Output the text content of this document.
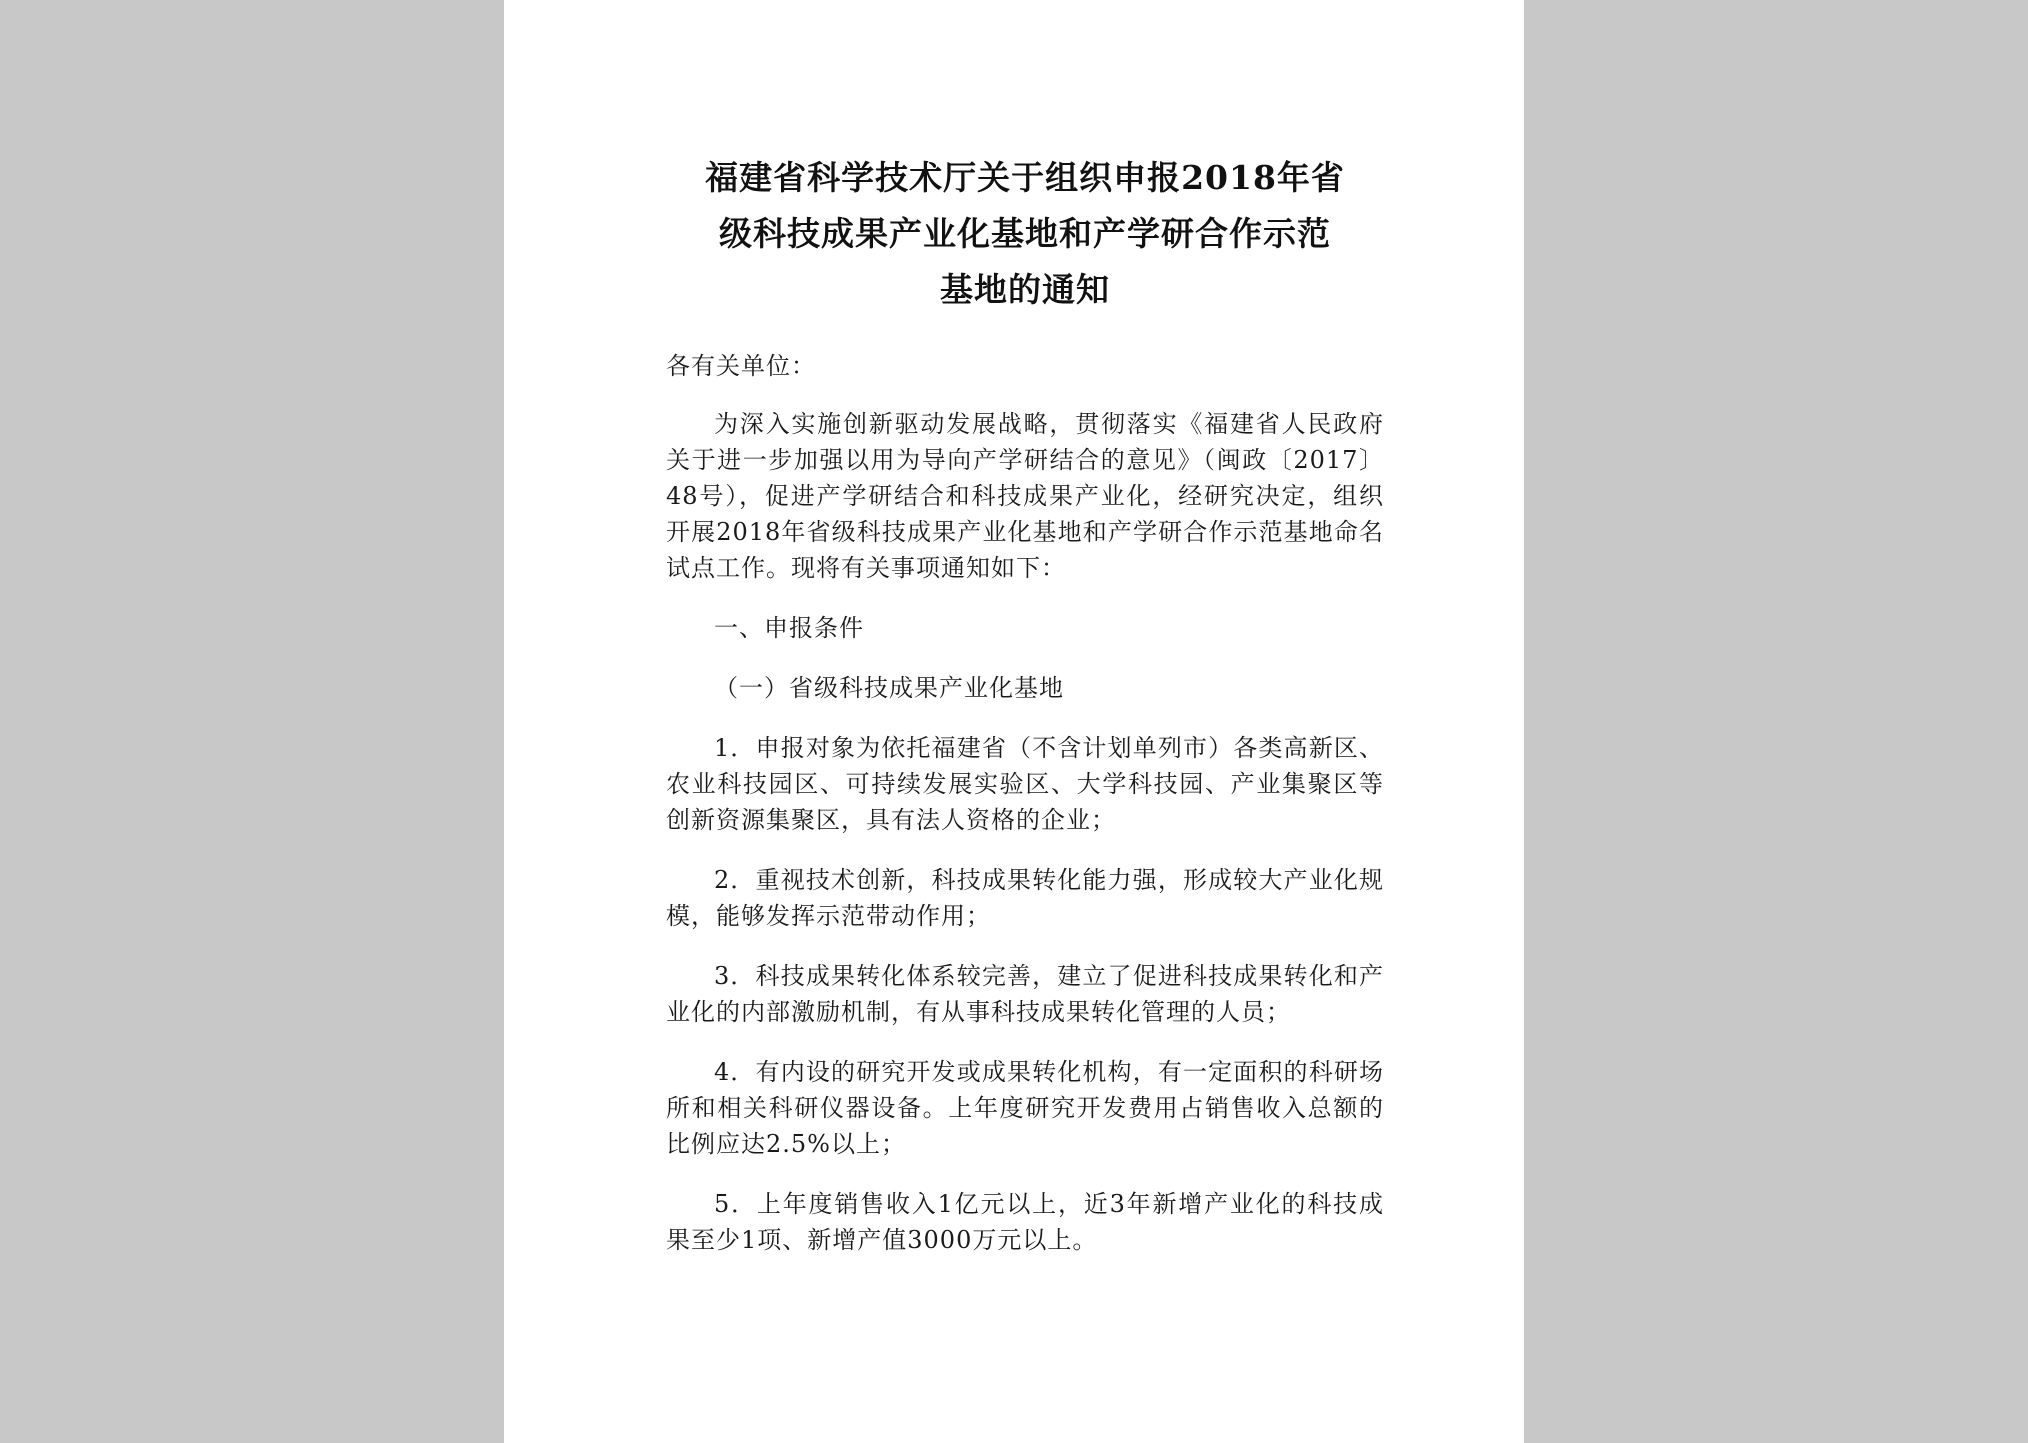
福建省科学技术厅关于组织申报2018年省
级科技成果产业化基地和产学研合作示范
基地的通知

各有关单位：

为深入实施创新驱动发展战略，贯彻落实《福建省人民政府关于进一步加强以用为导向产学研结合的意见》（闽政〔2017〕48号），促进产学研结合和科技成果产业化，经研究决定，组织开展2018年省级科技成果产业化基地和产学研合作示范基地命名试点工作。现将有关事项通知如下：

一、申报条件

（一）省级科技成果产业化基地

1．申报对象为依托福建省（不含计划单列市）各类高新区、农业科技园区、可持续发展实验区、大学科技园、产业集聚区等创新资源集聚区，具有法人资格的企业；

2．重视技术创新，科技成果转化能力强，形成较大产业化规模，能够发挥示范带动作用；

3．科技成果转化体系较完善，建立了促进科技成果转化和产业化的内部激励机制，有从事科技成果转化管理的人员；

4．有内设的研究开发或成果转化机构，有一定面积的科研场所和相关科研仪器设备。上年度研究开发费用占销售收入总额的比例应达2.5%以上；

5．上年度销售收入1亿元以上，近3年新增产业化的科技成果至少1项、新增产值3000万元以上。
